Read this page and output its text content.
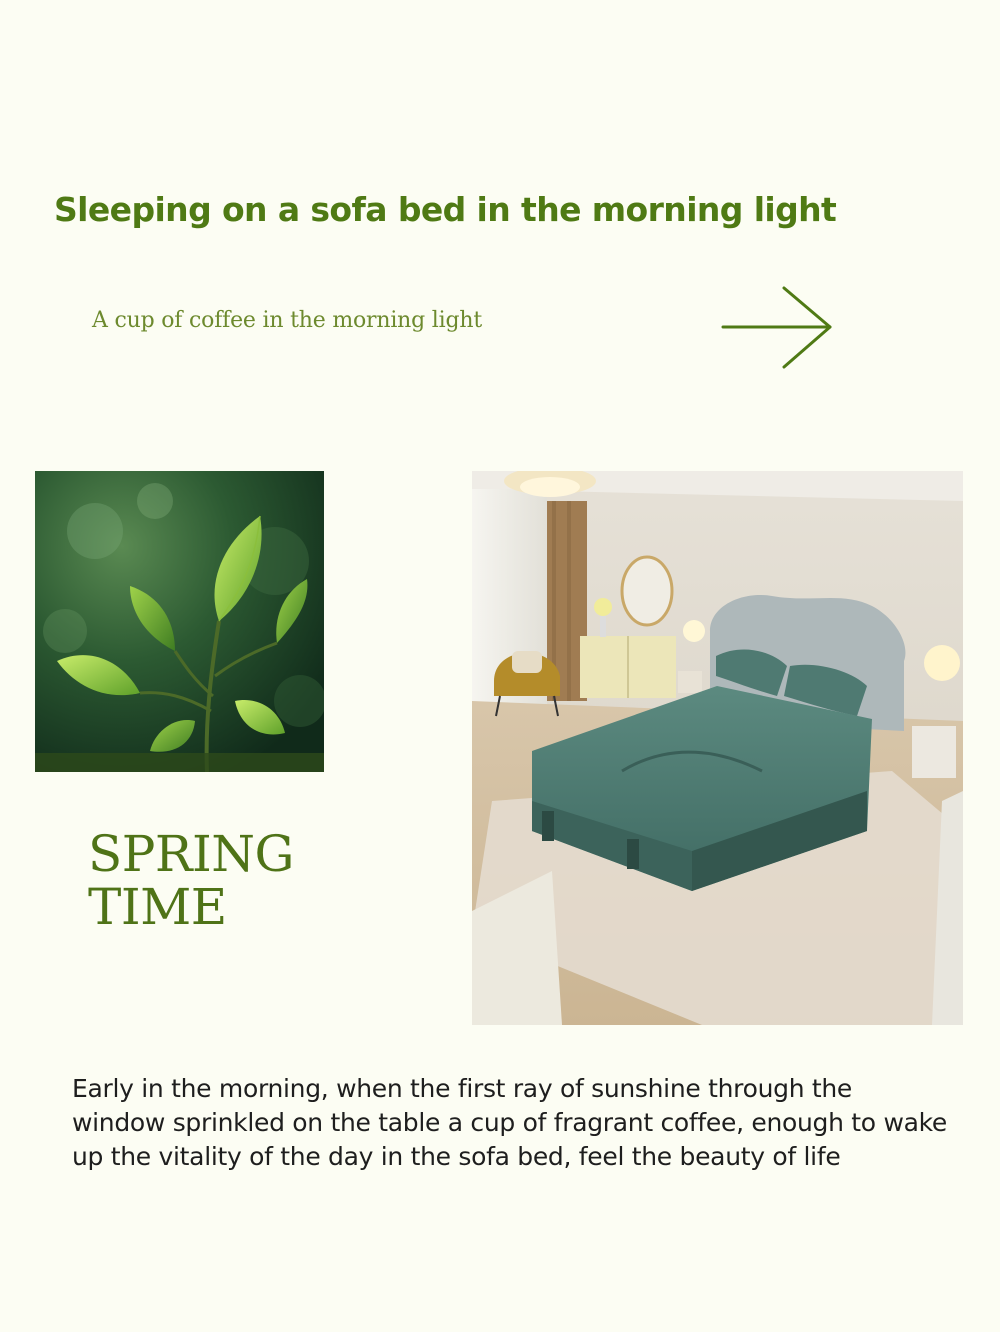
Sleeping on a sofa bed in the morning light
A cup of coffee in the morning light
SPRING
TIME

Early in the morning, when the first ray of sunshine through the window sprinkled on the table a cup of fragrant coffee, enough to wake up the vitality of the day in the sofa bed, feel the beauty of life
